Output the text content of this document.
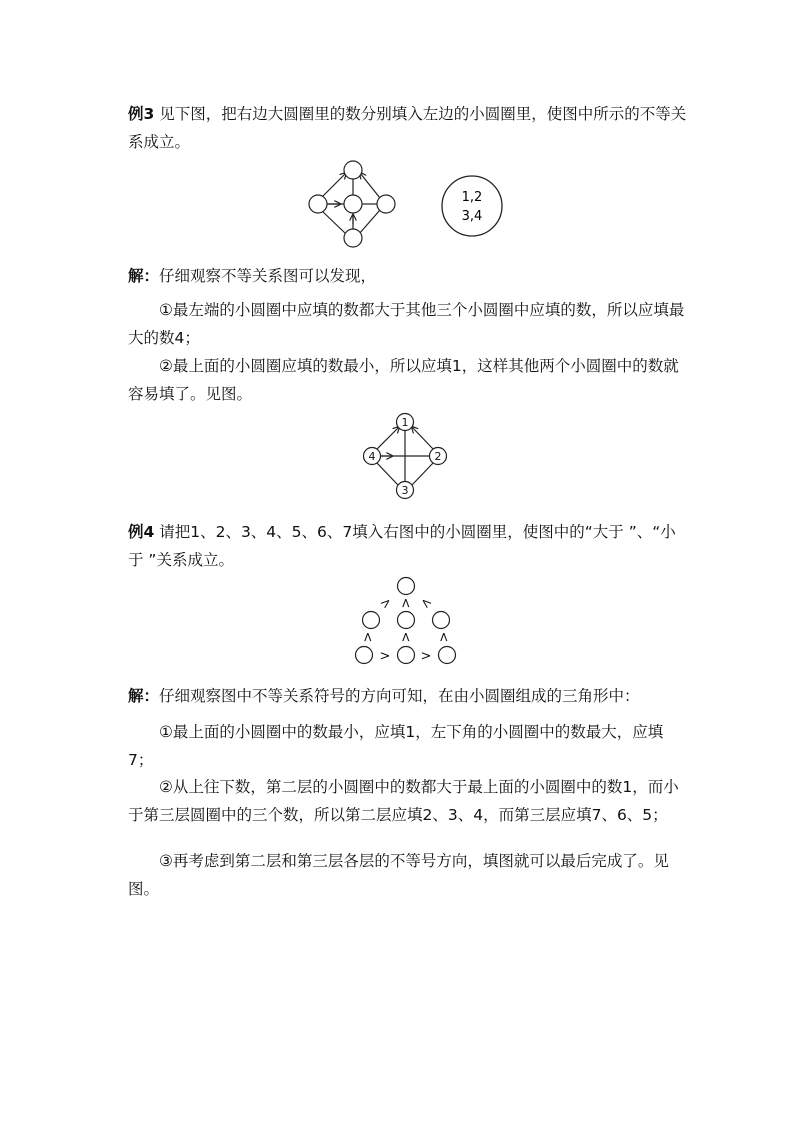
例3 见下图，把右边大圆圈里的数分别填入左边的小圆圈里，使图中所示的不等关系成立。

1,2
3,4

解：仔细观察不等关系图可以发现，

①最左端的小圆圈中应填的数都大于其他三个小圆圈中应填的数，所以应填最大的数4；

②最上面的小圆圈应填的数最小，所以应填1，这样其他两个小圆圈中的数就容易填了。见图。

1
4	2
3

例4 请把1、2、3、4、5、6、7填入右图中的小圆圈里，使图中的“大于 ”、“小于 ”关系成立。

> > <
> > >
> >

解：仔细观察图中不等关系符号的方向可知，在由小圆圈组成的三角形中：

①最上面的小圆圈中的数最小，应填1，左下角的小圆圈中的数最大，应填7；

②从上往下数，第二层的小圆圈中的数都大于最上面的小圆圈中的数1，而小于第三层圆圈中的三个数，所以第二层应填2、3、4，而第三层应填7、6、5；

③再考虑到第二层和第三层各层的不等号方向，填图就可以最后完成了。见图。
